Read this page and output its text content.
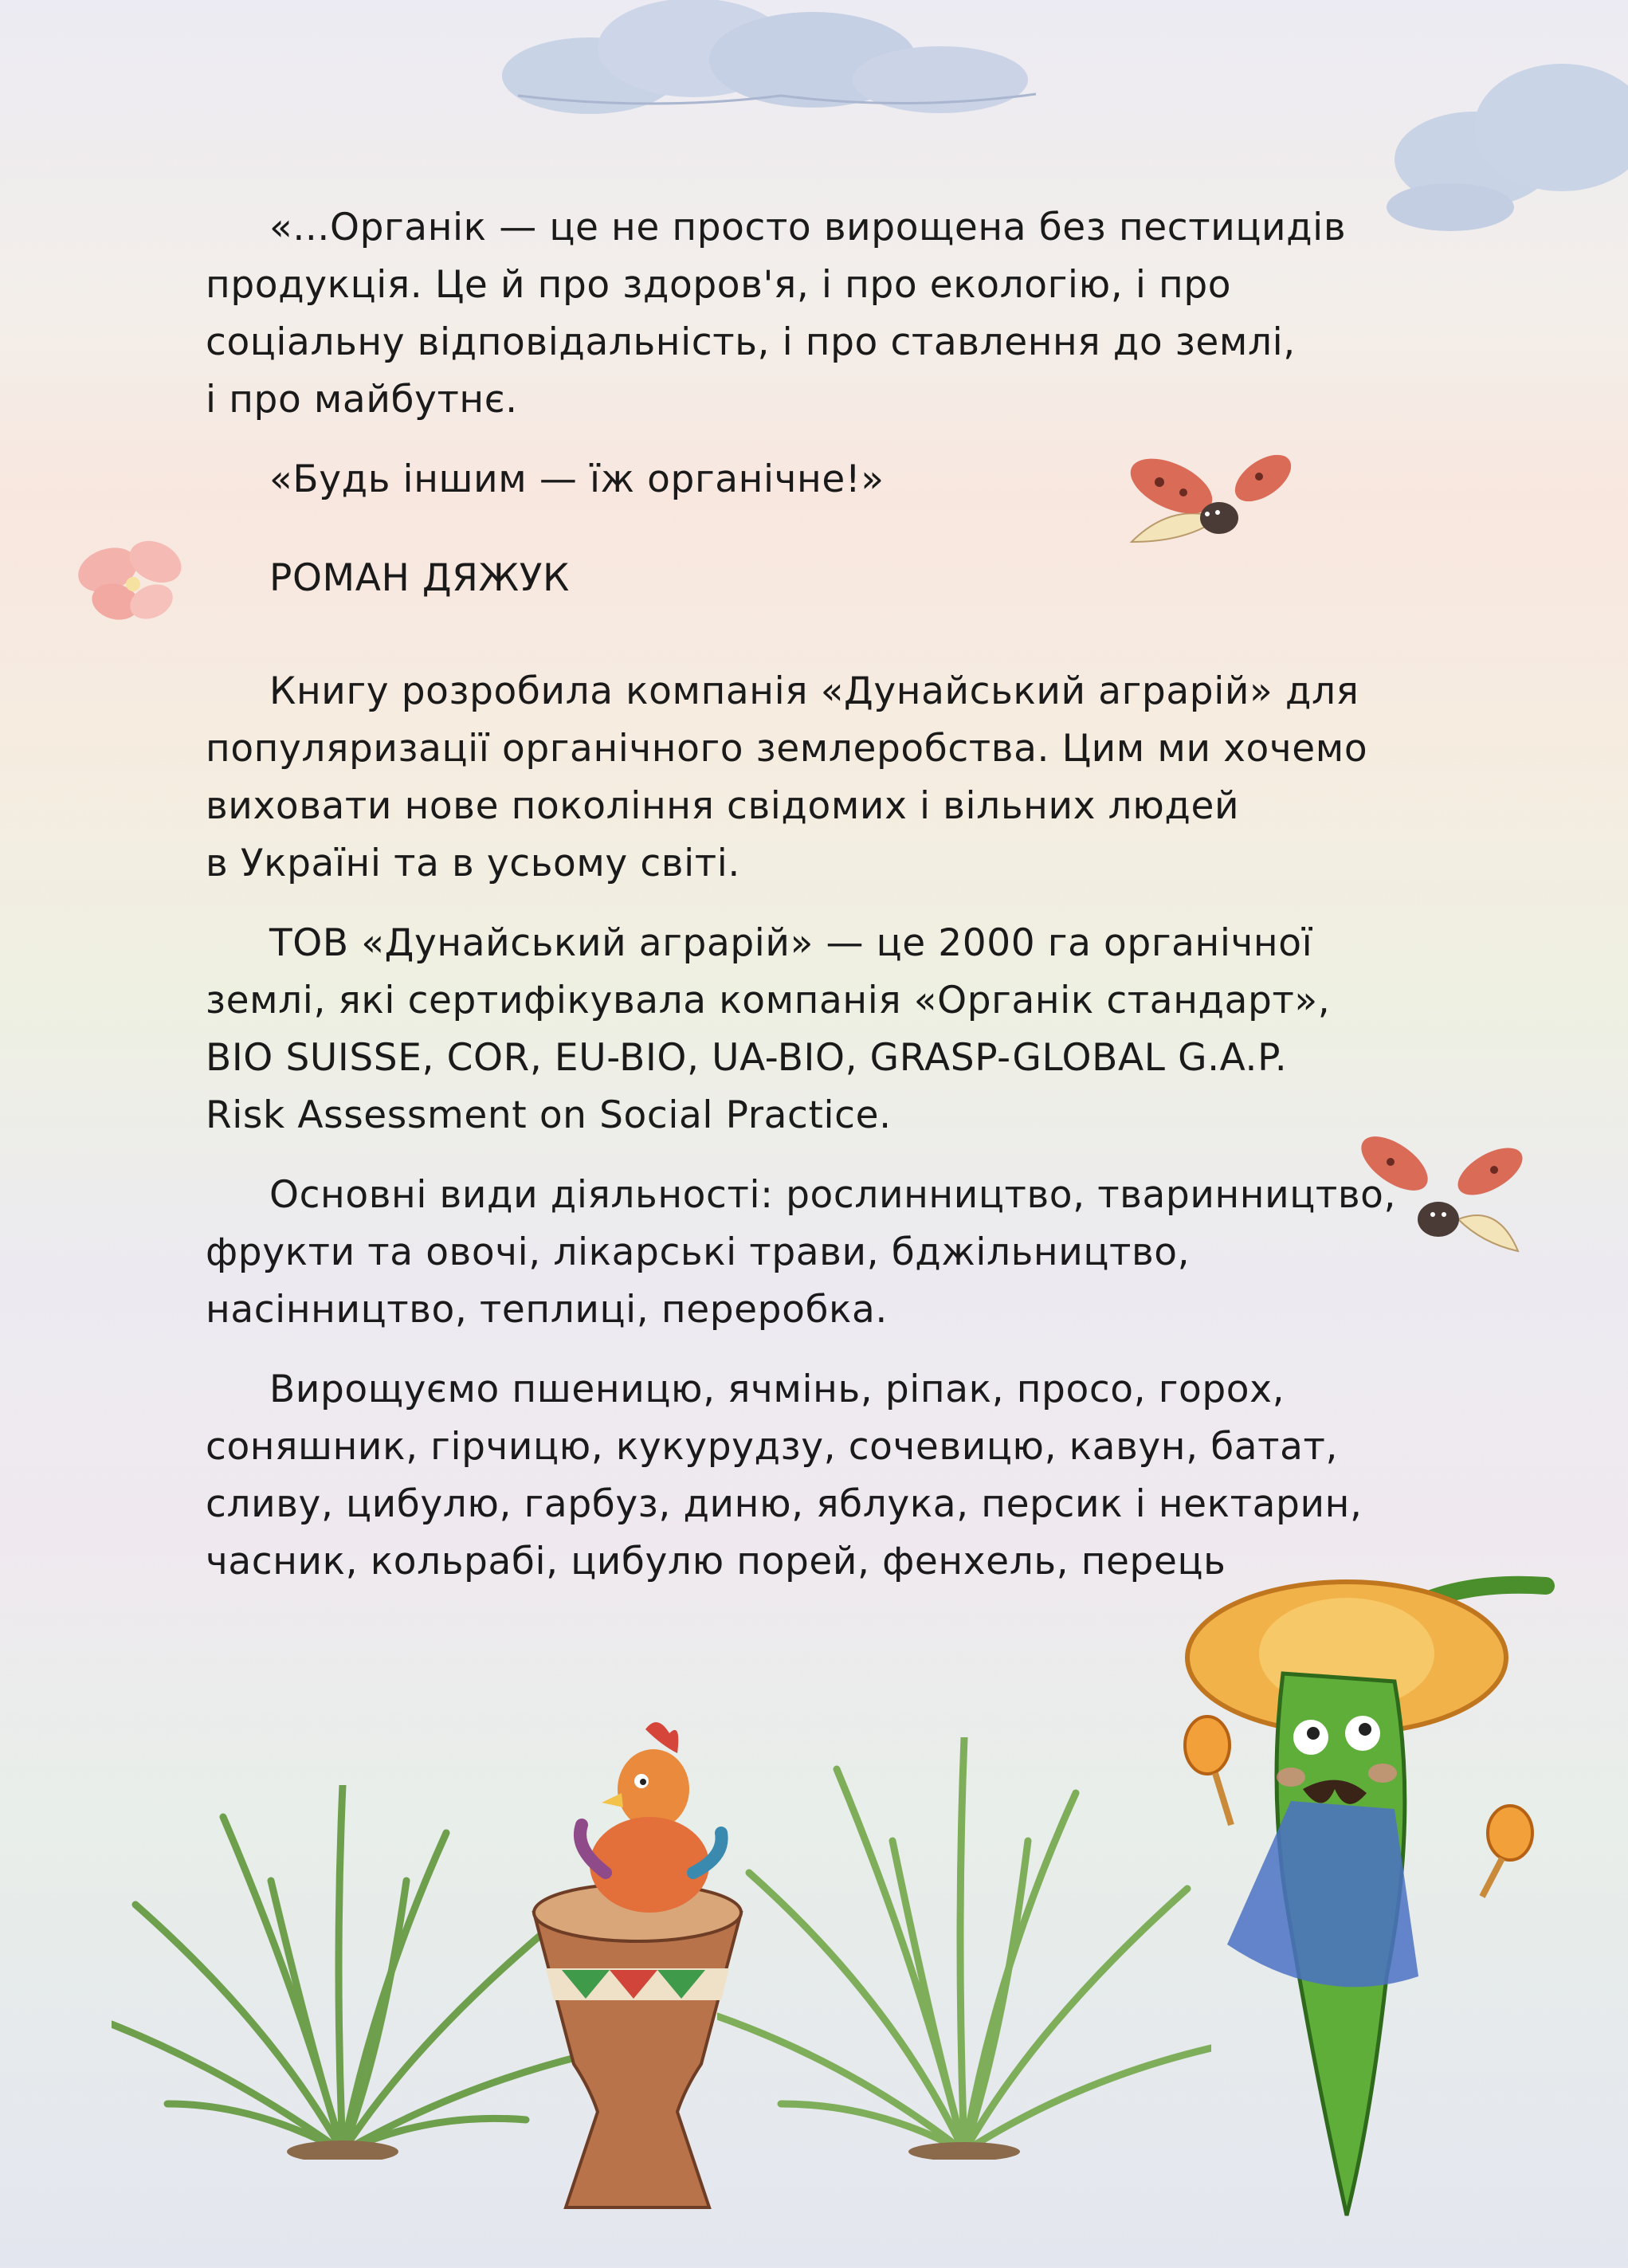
«...Органік — це не просто вирощена без пестицидів
продукція. Це й про здоров'я, і про екологію, і про
соціальну відповідальність, і про ставлення до землі,
і про майбутнє.

«Будь іншим — їж органічне!»

РОМАН ДЯЖУК

Книгу розробила компанія «Дунайський аграрій» для
популяризації органічного землеробства. Цим ми хочемо
виховати нове покоління свідомих і вільних людей
в Україні та в усьому світі.

ТОВ «Дунайський аграрій» — це 2000 га органічної
землі, які сертифікувала компанія «Органік стандарт»,
BIO SUISSE, COR, EU-BIO, UA-BIO, GRASP-GLOBAL G.A.P.
Risk Assessment on Social Practice.

Основні види діяльності: рослинництво, тваринництво,
фрукти та овочі, лікарські трави, бджільництво,
насінництво, теплиці, переробка.

Вирощуємо пшеницю, ячмінь, ріпак, просо, горох,
соняшник, гірчицю, кукурудзу, сочевицю, кавун, батат,
сливу, цибулю, гарбуз, диню, яблука, персик і нектарин,
часник, кольрабі, цибулю порей, фенхель, перець
